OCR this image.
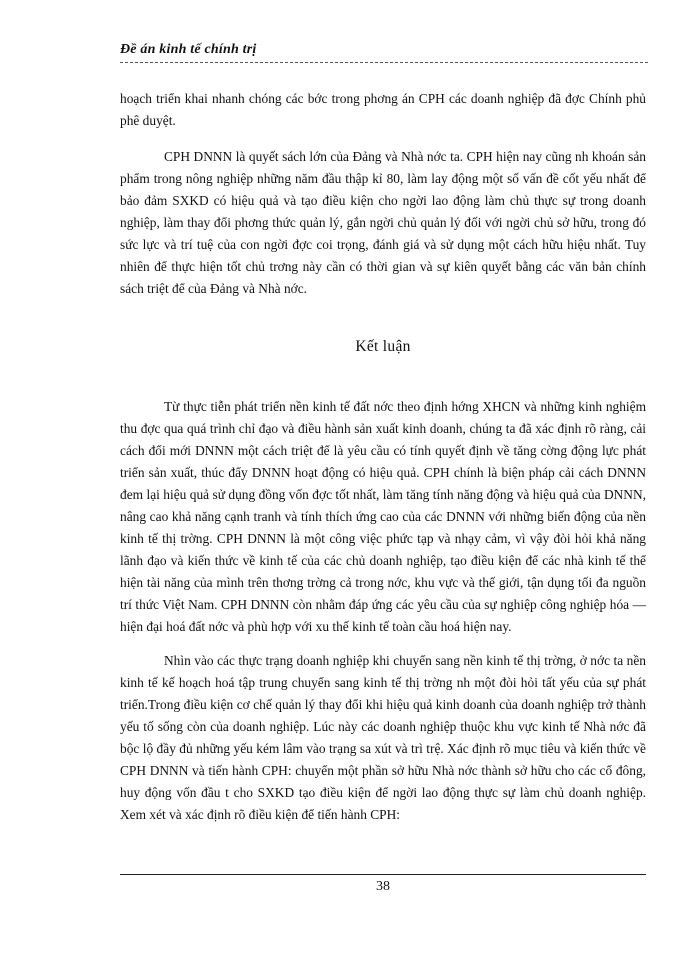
Đề án kinh tế chính trị

hoạch triển khai nhanh chóng các bớc trong phơng án CPH các doanh nghiệp đã đợc Chính phủ phê duyệt.

CPH DNNN là quyết sách lớn của Đảng và Nhà nớc ta. CPH hiện nay cũng nh khoán sản phẩm trong nông nghiệp những năm đầu thập kỉ 80, làm lay động một số vấn đề cốt yếu nhất để bảo đảm SXKD có hiệu quả và tạo điều kiện cho ngời lao động làm chủ thực sự trong doanh nghiệp, làm thay đổi phơng thức quản lý, gắn ngời chủ quản lý đối với ngời chủ sở hữu, trong đó sức lực và trí tuệ của con ngời đợc coi trọng, đánh giá và sử dụng một cách hữu hiệu nhất. Tuy nhiên để thực hiện tốt chủ trơng này cần có thời gian và sự kiên quyết bằng các văn bản chính sách triệt để của Đảng và Nhà nớc.

Kết luận

Từ thực tiễn phát triển nền kinh tế đất nớc theo định hớng XHCN và những kinh nghiệm thu đợc qua quá trình chỉ đạo và điều hành sản xuất kinh doanh, chúng ta đã xác định rõ ràng, cải cách đổi mới DNNN một cách triệt để là yêu cầu có tính quyết định về tăng cờng động lực phát triển sản xuất, thúc đẩy DNNN hoạt động có hiệu quả. CPH chính là biện pháp cải cách DNNN đem lại hiệu quả sử dụng đồng vốn đợc tốt nhất, làm tăng tính năng động và hiệu quả của DNNN, nâng cao khả năng cạnh tranh và tính thích ứng cao của các DNNN với những biến động của nền kinh tế thị trờng. CPH DNNN là một công việc phức tạp và nhạy cảm, vì vậy đòi hỏi khả năng lãnh đạo và kiến thức về kinh tế của các chủ doanh nghiệp, tạo điều kiện để các nhà kinh tế thể hiện tài năng của mình trên thơng trờng cả trong nớc, khu vực và thế giới, tận dụng tối đa nguồn trí thức Việt Nam. CPH DNNN còn nhằm đáp ứng các yêu cầu của sự nghiệp công nghiệp hóa — hiện đại hoá đất nớc và phù hợp với xu thế kinh tế toàn cầu hoá hiện nay.

Nhìn vào các thực trạng doanh nghiệp khi chuyển sang nền kinh tế thị trờng, ở nớc ta nền kinh tế kế hoạch hoá tập trung chuyển sang kinh tế thị trờng nh một đòi hỏi tất yếu của sự phát triển.Trong điều kiện cơ chế quản lý thay đổi khi hiệu quả kinh doanh của doanh nghiệp trở thành yếu tố sống còn của doanh nghiệp. Lúc này các doanh nghiệp thuộc khu vực kinh tế Nhà nớc đã bộc lộ đầy đủ những yếu kém lâm vào trạng sa xút và trì trệ. Xác định rõ mục tiêu và kiến thức về CPH DNNN và tiến hành CPH: chuyển một phần sở hữu Nhà nớc thành sở hữu cho các cổ đông, huy động vốn đầu t cho SXKD tạo điều kiện để ngời lao động thực sự làm chủ doanh nghiệp. Xem xét và xác định rõ điều kiện để tiến hành CPH:

38
